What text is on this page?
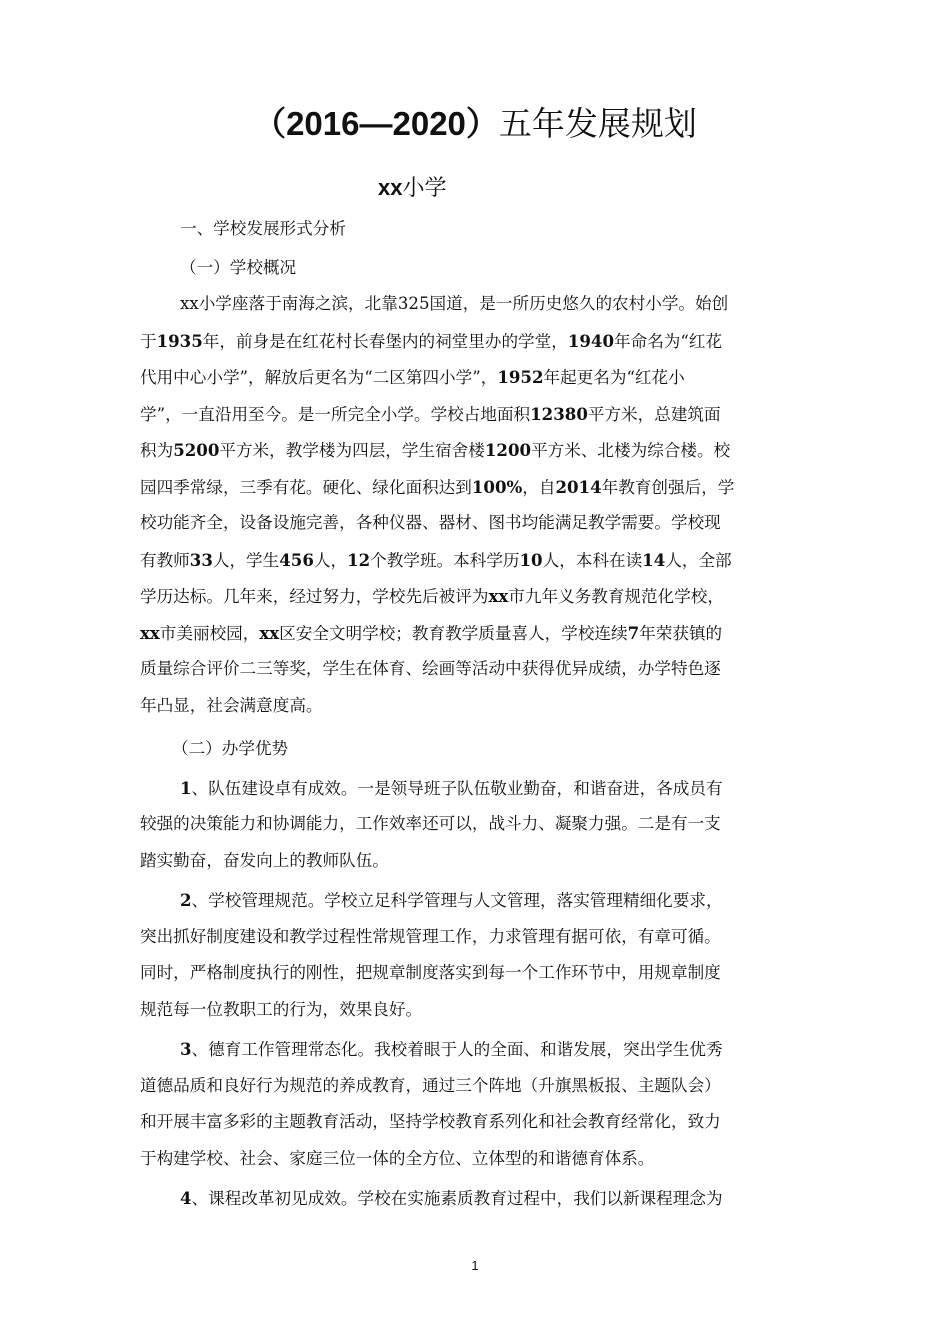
（2016—2020）五年发展规划
xx小学
一、学校发展形式分析
（一）学校概况
xx小学座落于南海之滨，北靠325国道，是一所历史悠久的农村小学。始创
于1935年，前身是在红花村长春堡内的祠堂里办的学堂，1940年命名为“红花
代用中心小学”，解放后更名为“二区第四小学”，1952年起更名为“红花小
学”，一直沿用至今。是一所完全小学。学校占地面积12380平方米，总建筑面
积为5200平方米，教学楼为四层，学生宿舍楼1200平方米、北楼为综合楼。校
园四季常绿，三季有花。硬化、绿化面积达到100%，自2014年教育创强后，学
校功能齐全，设备设施完善，各种仪器、器材、图书均能满足教学需要。学校现
有教师33人，学生456人，12个教学班。本科学历10人，本科在读14人，全部
学历达标。几年来，经过努力，学校先后被评为xx市九年义务教育规范化学校，
xx市美丽校园，xx区安全文明学校；教育教学质量喜人，学校连续7年荣获镇的
质量综合评价二三等奖，学生在体育、绘画等活动中获得优异成绩，办学特色逐
年凸显，社会满意度高。
（二）办学优势
1、队伍建设卓有成效。一是领导班子队伍敬业勤奋，和谐奋进，各成员有
较强的决策能力和协调能力，工作效率还可以，战斗力、凝聚力强。二是有一支
踏实勤奋，奋发向上的教师队伍。
2、学校管理规范。学校立足科学管理与人文管理，落实管理精细化要求，
突出抓好制度建设和教学过程性常规管理工作，力求管理有据可依，有章可循。
同时，严格制度执行的刚性，把规章制度落实到每一个工作环节中，用规章制度
规范每一位教职工的行为，效果良好。
3、德育工作管理常态化。我校着眼于人的全面、和谐发展，突出学生优秀
道德品质和良好行为规范的养成教育，通过三个阵地（升旗黑板报、主题队会）
和开展丰富多彩的主题教育活动，坚持学校教育系列化和社会教育经常化，致力
于构建学校、社会、家庭三位一体的全方位、立体型的和谐德育体系。
4、课程改革初见成效。学校在实施素质教育过程中，我们以新课程理念为
1
